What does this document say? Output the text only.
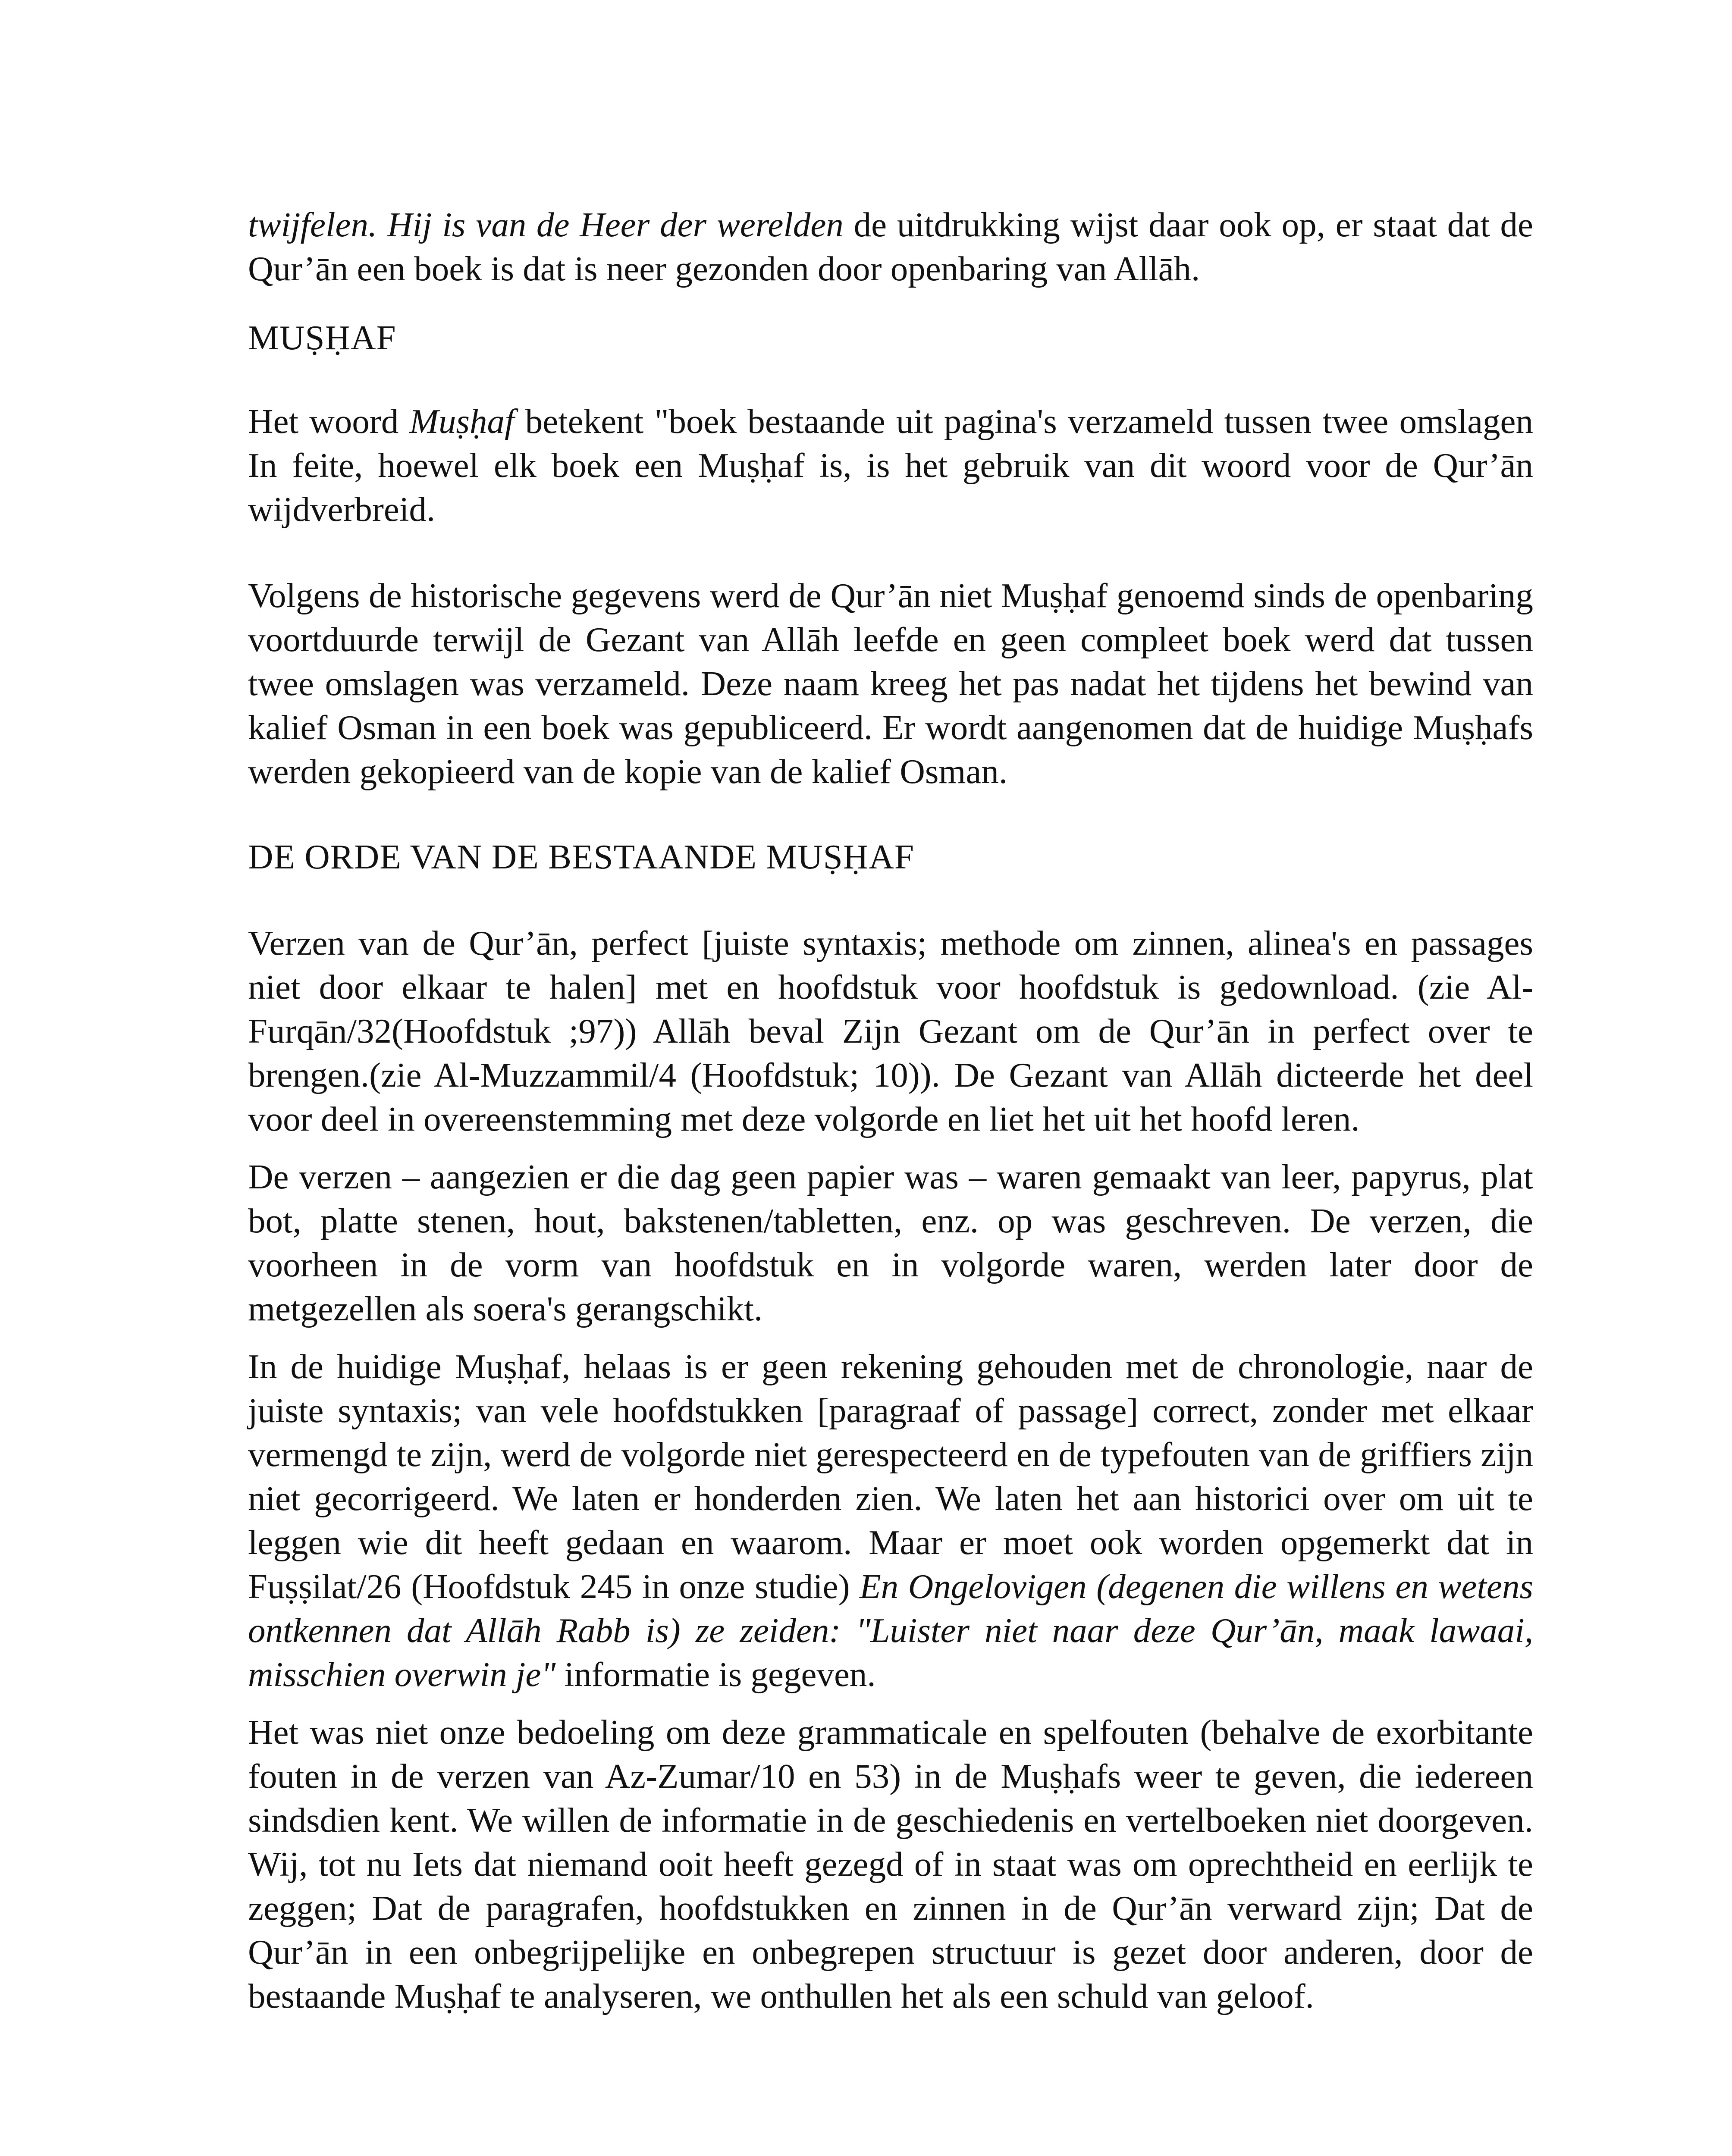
twijfelen. Hij is van de Heer der werelden de uitdrukking wijst daar ook op, er staat dat de Qur’ān een boek is dat is neer gezonden door openbaring van Allāh.

MUṢḤAF

Het woord Muṣḥaf betekent "boek bestaande uit pagina's verzameld tussen twee omslagen In feite, hoewel elk boek een Muṣḥaf is, is het gebruik van dit woord voor de Qur’ān wijdverbreid.

Volgens de historische gegevens werd de Qur’ān niet Muṣḥaf genoemd sinds de openbaring voortduurde terwijl de Gezant van Allāh leefde en geen compleet boek werd dat tussen twee omslagen was verzameld. Deze naam kreeg het pas nadat het tijdens het bewind van kalief Osman in een boek was gepubliceerd. Er wordt aangenomen dat de huidige Muṣḥafs werden gekopieerd van de kopie van de kalief Osman.

DE ORDE VAN DE BESTAANDE MUṢḤAF

Verzen van de Qur’ān, perfect [juiste syntaxis; methode om zinnen, alinea's en passages niet door elkaar te halen] met en hoofdstuk voor hoofdstuk is gedownload. (zie Al-Furqān/32(Hoofdstuk ;97)) Allāh beval Zijn Gezant om de Qur’ān in perfect over te brengen.(zie Al-Muzzammil/4 (Hoofdstuk; 10)). De Gezant van Allāh dicteerde het deel voor deel in overeenstemming met deze volgorde en liet het uit het hoofd leren.

De verzen – aangezien er die dag geen papier was – waren gemaakt van leer, papyrus, plat bot, platte stenen, hout, bakstenen/tabletten, enz. op was geschreven. De verzen, die voorheen in de vorm van hoofdstuk en in volgorde waren, werden later door de metgezellen als soera's gerangschikt.

In de huidige Muṣḥaf, helaas is er geen rekening gehouden met de chronologie, naar de juiste syntaxis; van vele hoofdstukken [paragraaf of passage] correct, zonder met elkaar vermengd te zijn, werd de volgorde niet gerespecteerd en de typefouten van de griffiers zijn niet gecorrigeerd. We laten er honderden zien. We laten het aan historici over om uit te leggen wie dit heeft gedaan en waarom. Maar er moet ook worden opgemerkt dat in Fuṣṣilat/26 (Hoofdstuk 245 in onze studie) En Ongelovigen (degenen die willens en wetens ontkennen dat Allāh Rabb is) ze zeiden: "Luister niet naar deze Qur’ān, maak lawaai, misschien overwin je" informatie is gegeven.

Het was niet onze bedoeling om deze grammaticale en spelfouten (behalve de exorbitante fouten in de verzen van Az-Zumar/10 en 53) in de Muṣḥafs weer te geven, die iedereen sindsdien kent. We willen de informatie in de geschiedenis en vertelboeken niet doorgeven. Wij, tot nu Iets dat niemand ooit heeft gezegd of in staat was om oprechtheid en eerlijk te zeggen; Dat de paragrafen, hoofdstukken en zinnen in de Qur’ān verward zijn; Dat de Qur’ān in een onbegrijpelijke en onbegrepen structuur is gezet door anderen, door de bestaande Muṣḥaf te analyseren, we onthullen het als een schuld van geloof.
